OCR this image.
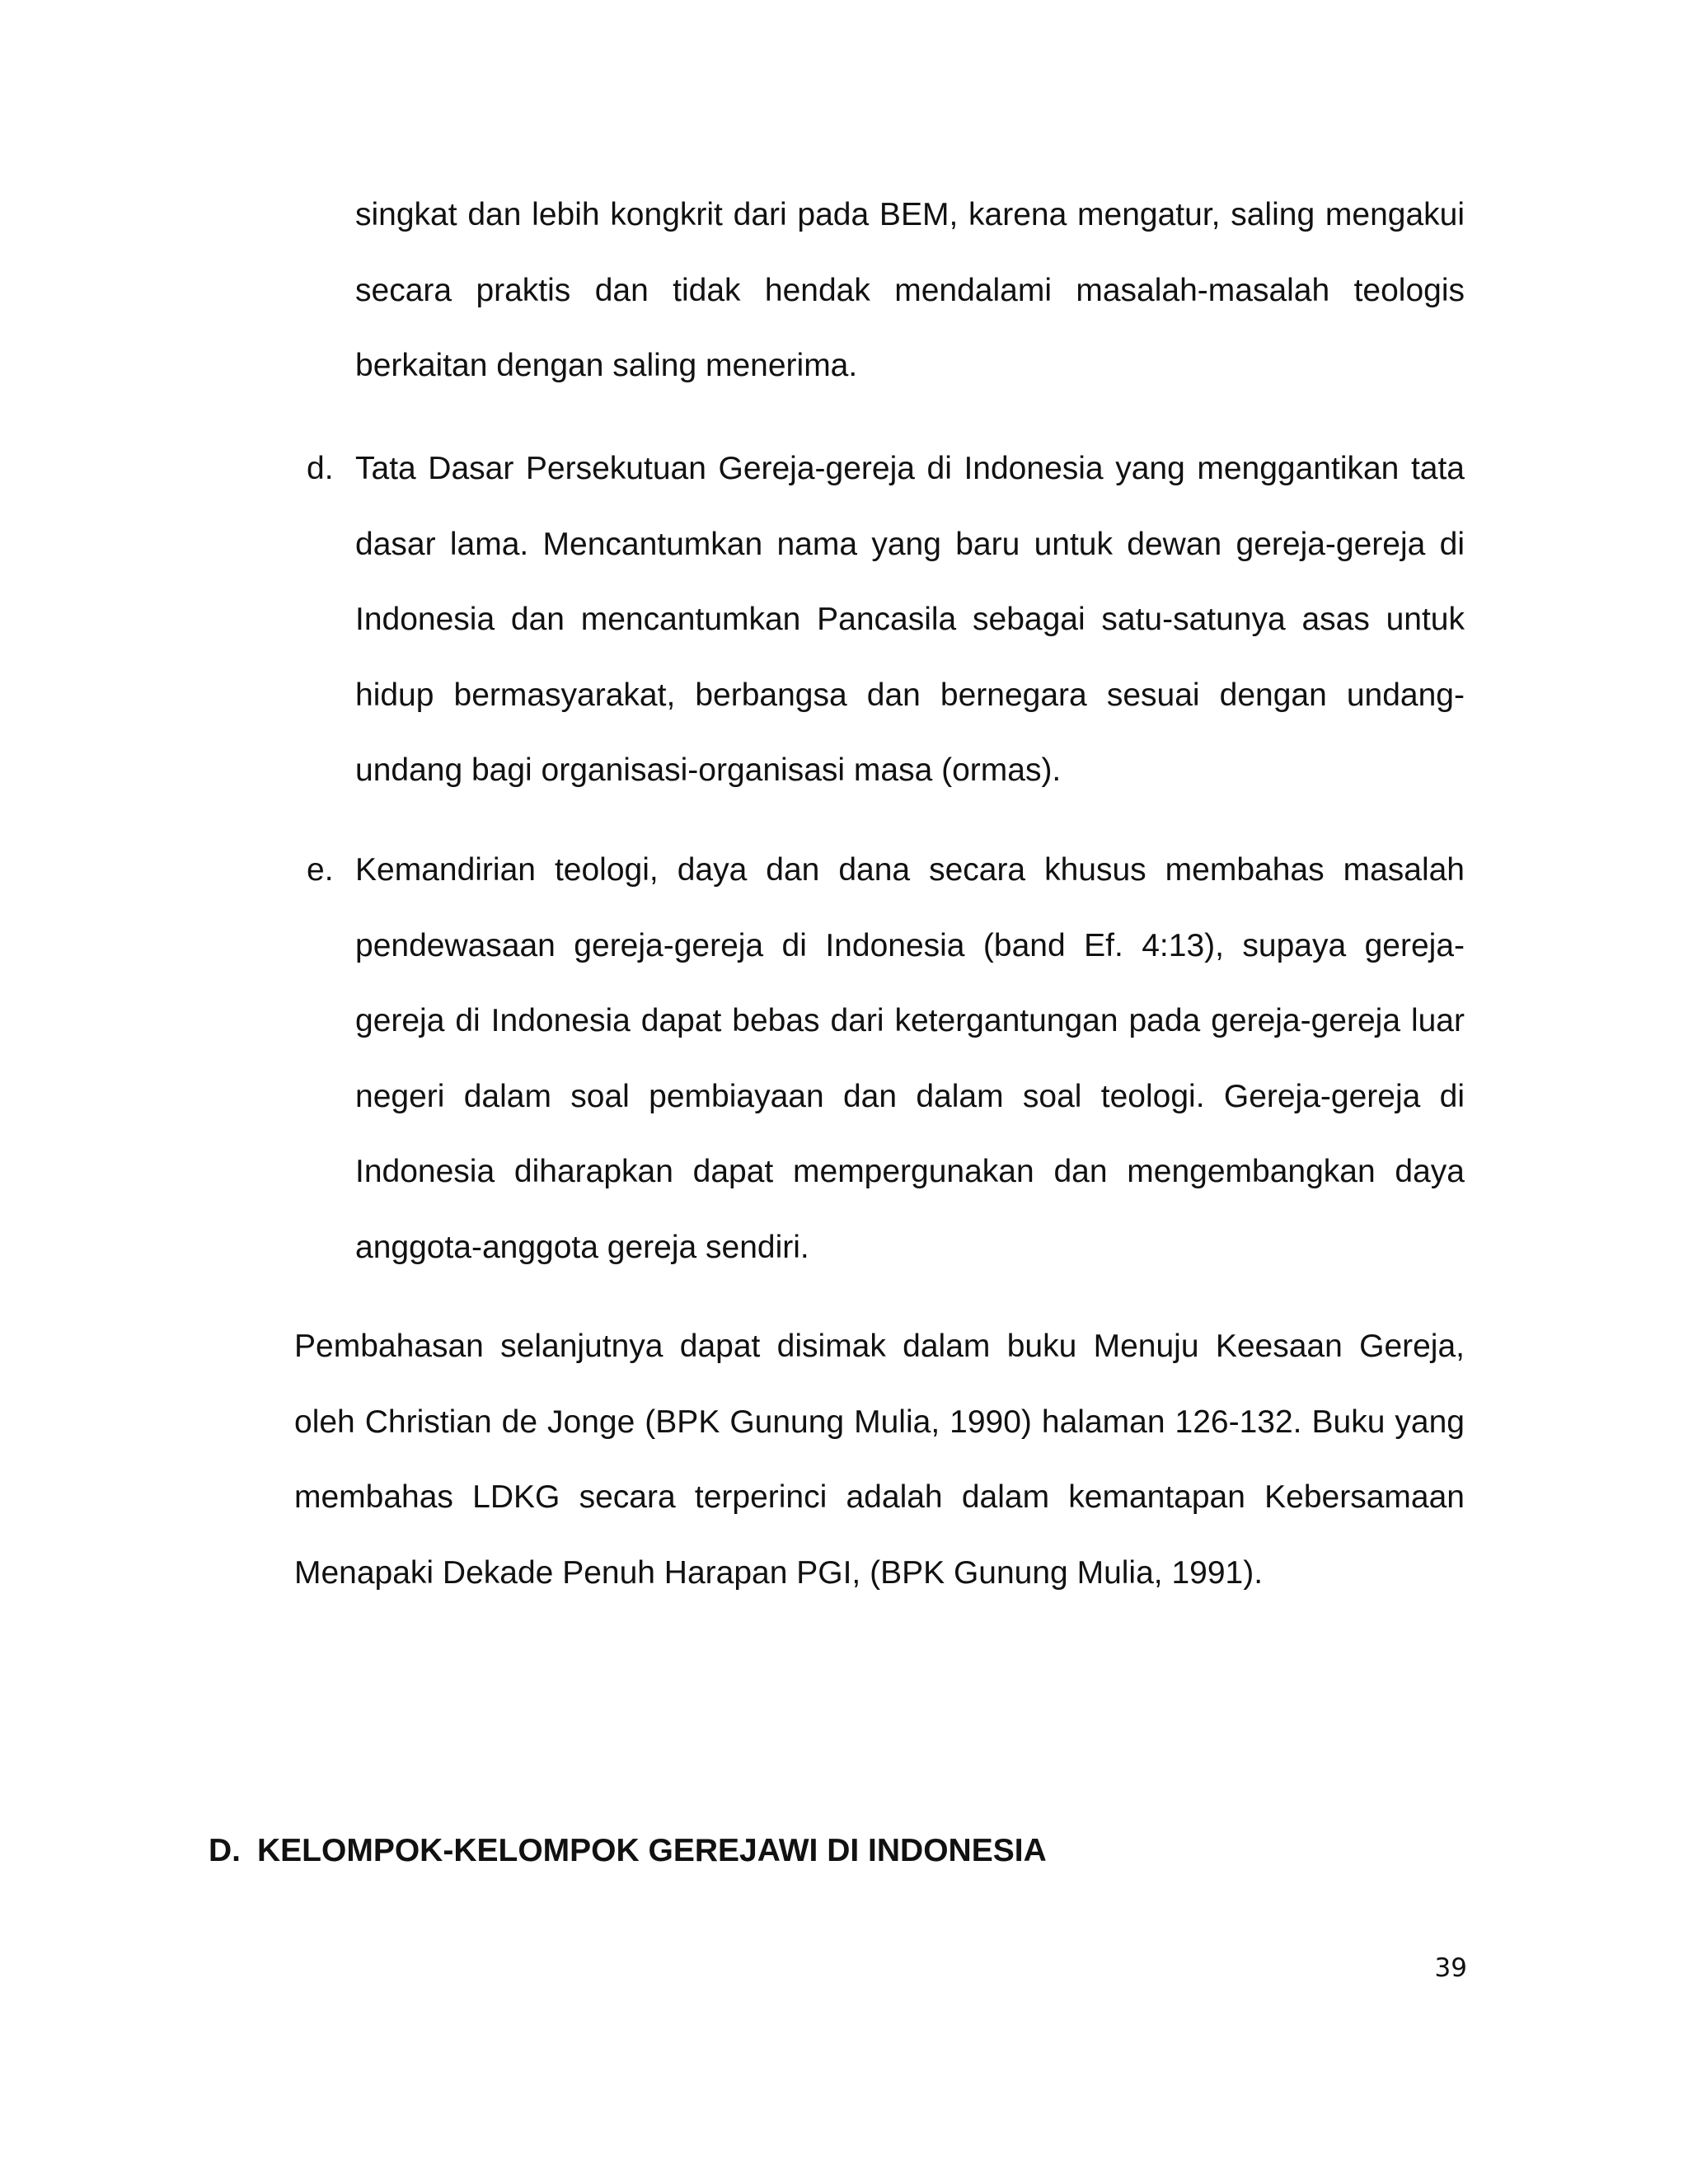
singkat dan lebih kongkrit dari pada BEM, karena mengatur, saling mengakui secara praktis dan tidak hendak mendalami masalah-masalah teologis berkaitan dengan saling menerima.

d. Tata Dasar Persekutuan Gereja-gereja di Indonesia yang menggantikan tata dasar lama. Mencantumkan nama yang baru untuk dewan gereja-gereja di Indonesia dan mencantumkan Pancasila sebagai satu-satunya asas untuk hidup bermasyarakat, berbangsa dan bernegara sesuai dengan undang-undang bagi organisasi-organisasi masa (ormas).

e. Kemandirian teologi, daya dan dana secara khusus membahas masalah pendewasaan gereja-gereja di Indonesia (band Ef. 4:13), supaya gereja-gereja di Indonesia dapat bebas dari ketergantungan pada gereja-gereja luar negeri dalam soal pembiayaan dan dalam soal teologi. Gereja-gereja di Indonesia diharapkan dapat mempergunakan dan mengembangkan daya anggota-anggota gereja sendiri.

Pembahasan selanjutnya dapat disimak dalam buku Menuju Keesaan Gereja, oleh Christian de Jonge (BPK Gunung Mulia, 1990) halaman 126-132. Buku yang membahas LDKG secara terperinci adalah dalam kemantapan Kebersamaan Menapaki Dekade Penuh Harapan PGI, (BPK Gunung Mulia, 1991).

D. KELOMPOK-KELOMPOK GEREJAWI DI INDONESIA

39
